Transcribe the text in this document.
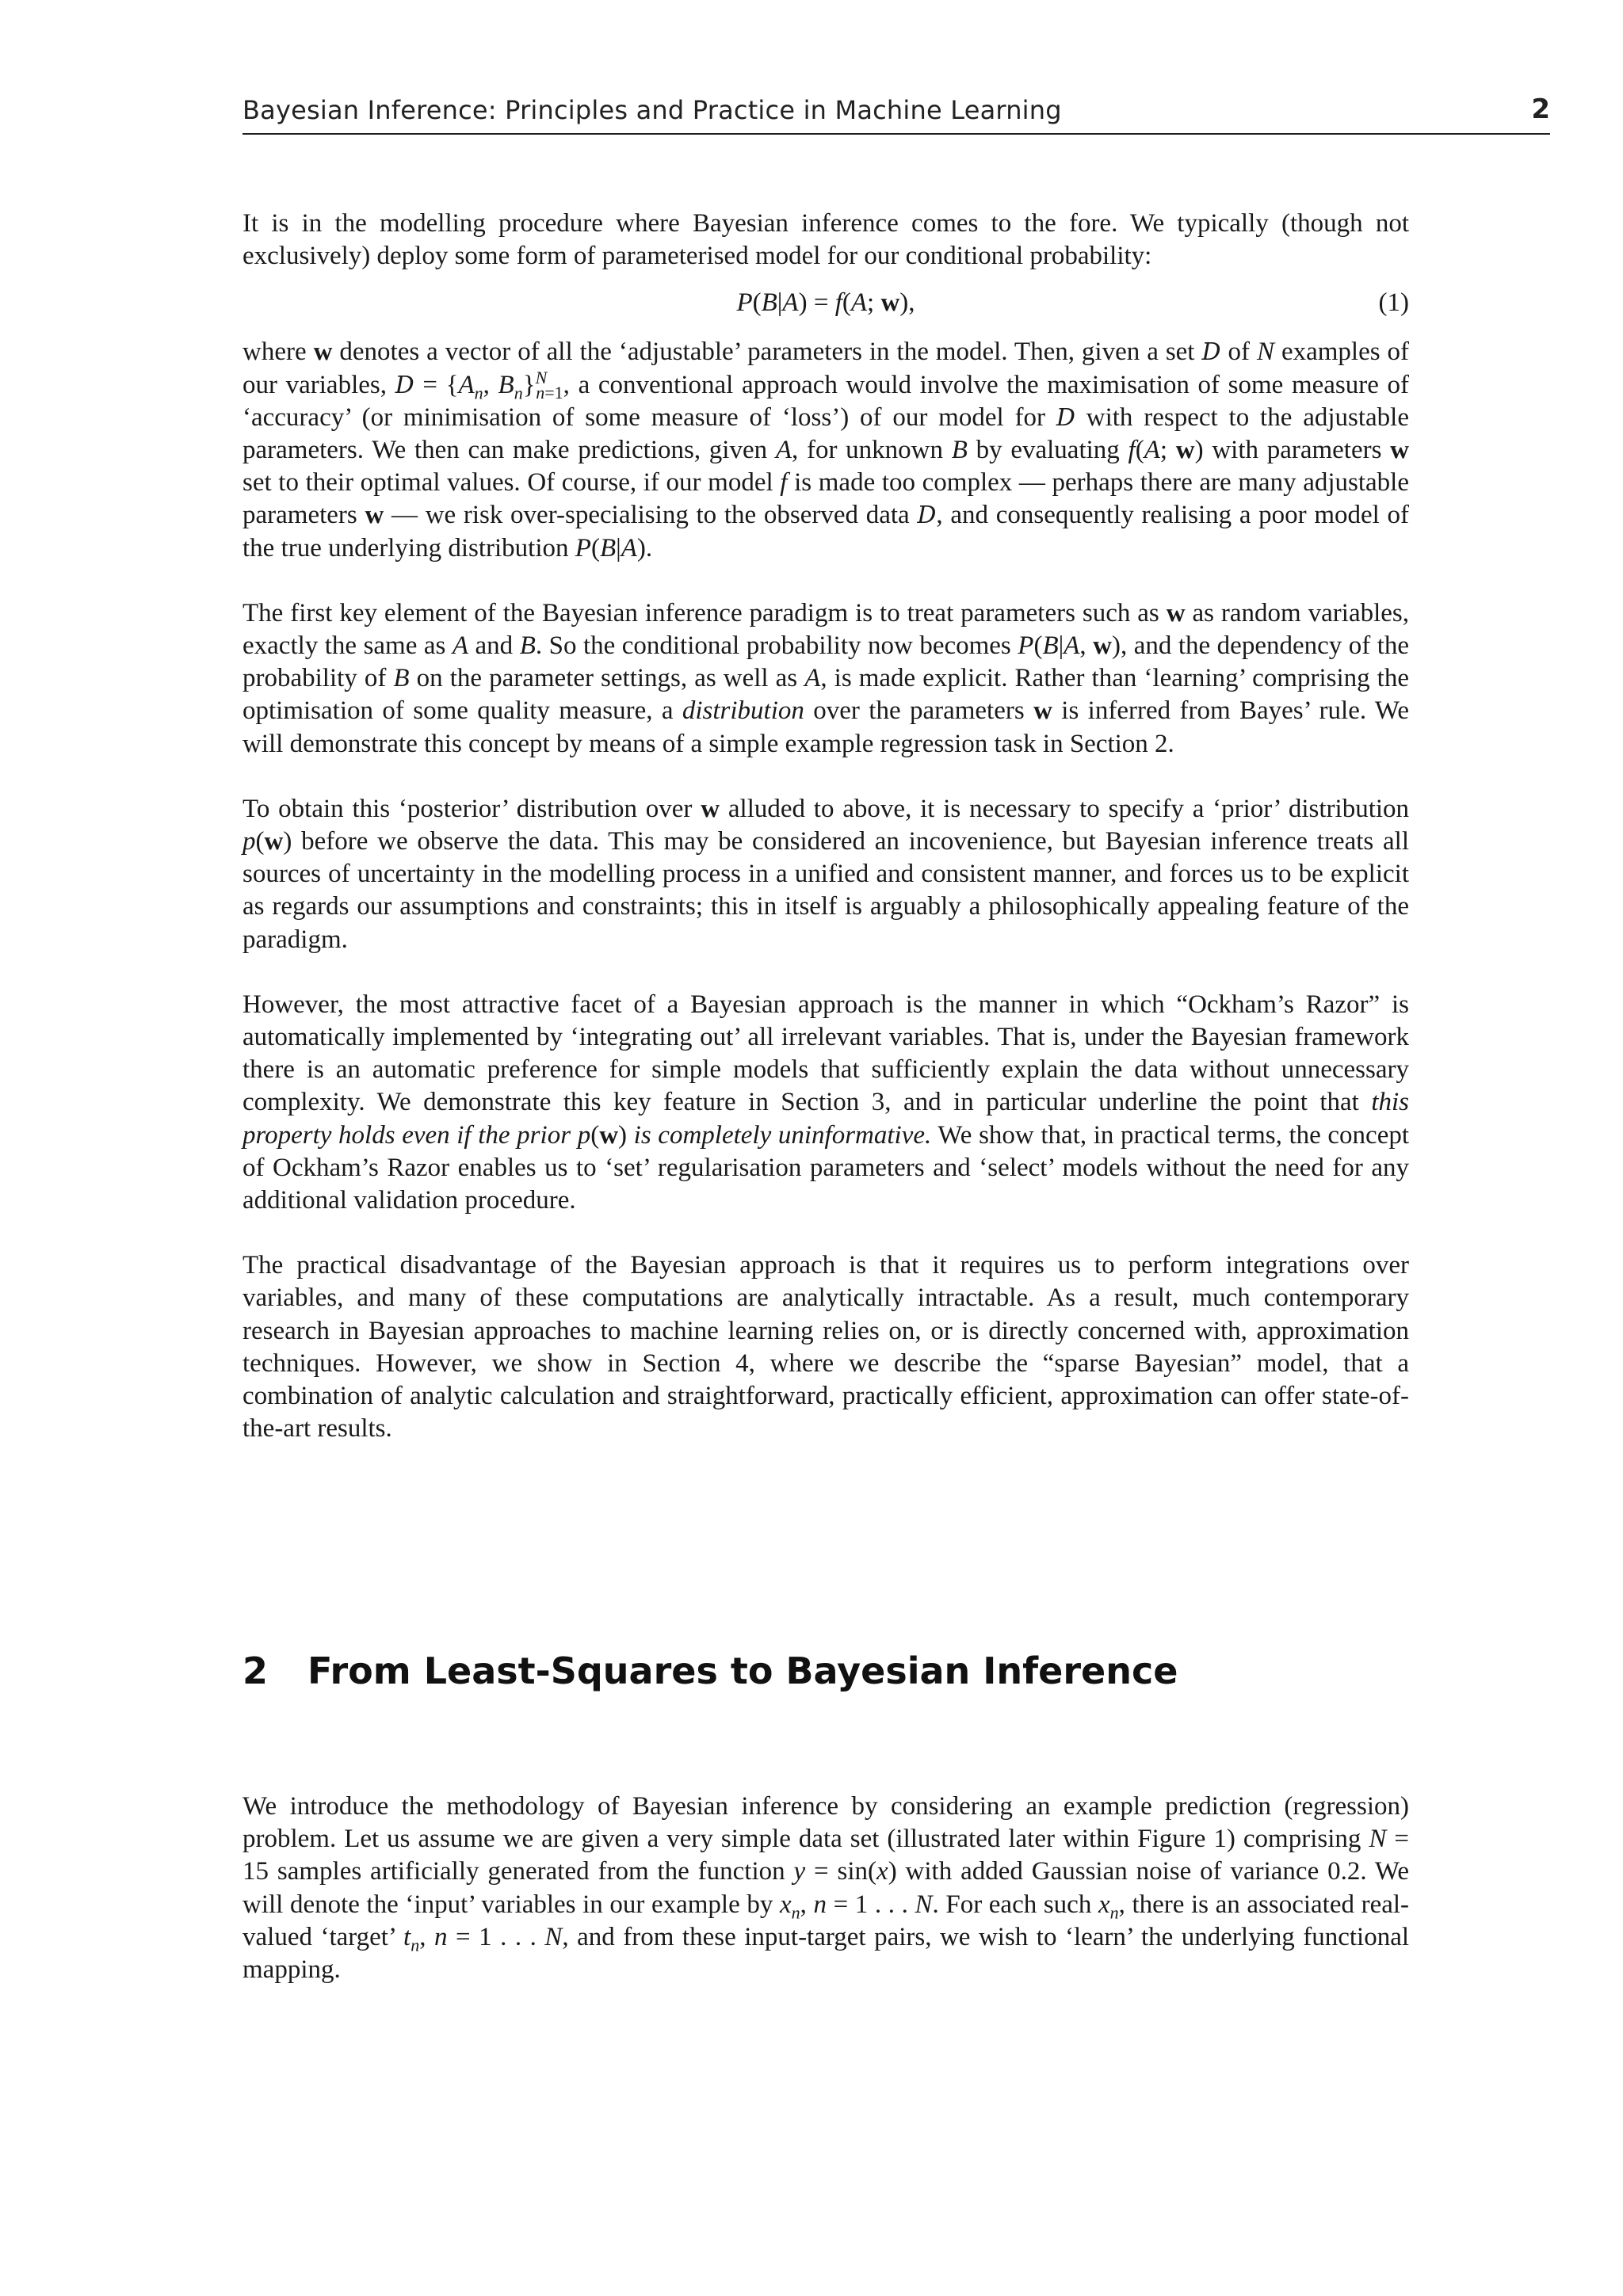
Bayesian Inference: Principles and Practice in Machine Learning	2

It is in the modelling procedure where Bayesian inference comes to the fore. We typically (though not exclusively) deploy some form of parameterised model for our conditional probability:

P(B|A) = f(A; w),	(1)

where w denotes a vector of all the ‘adjustable’ parameters in the model. Then, given a set D of N examples of our variables, $D = \{A_n$, $B_n\}^N_{n=1}$, a conventional approach would involve the maximisation of some measure of ‘accuracy’ (or minimisation of some measure of ‘loss’) of our model for D with respect to the adjustable parameters. We then can make predictions, given A, for unknown B by evaluating f(A; w) with parameters w set to their optimal values. Of course, if our model f is made too complex — perhaps there are many adjustable parameters w — we risk over-specialising to the observed data D, and consequently realising a poor model of the true underlying distribution P(B|A).

The first key element of the Bayesian inference paradigm is to treat parameters such as w as random variables, exactly the same as A and B. So the conditional probability now becomes P(B|A, w), and the dependency of the probability of B on the parameter settings, as well as A, is made explicit. Rather than ‘learning’ comprising the optimisation of some quality measure, a distribution over the parameters w is inferred from Bayes’ rule. We will demonstrate this concept by means of a simple example regression task in Section 2.

To obtain this ‘posterior’ distribution over w alluded to above, it is necessary to specify a ‘prior’ distribution p(w) before we observe the data. This may be considered an incovenience, but Bayesian inference treats all sources of uncertainty in the modelling process in a unified and consistent manner, and forces us to be explicit as regards our assumptions and constraints; this in itself is arguably a philosophically appealing feature of the paradigm.

However, the most attractive facet of a Bayesian approach is the manner in which “Ockham’s Razor” is automatically implemented by ‘integrating out’ all irrelevant variables. That is, under the Bayesian framework there is an automatic preference for simple models that sufficiently explain the data without unnecessary complexity. We demonstrate this key feature in Section 3, and in particular underline the point that this property holds even if the prior p(w) is completely uninformative. We show that, in practical terms, the concept of Ockham’s Razor enables us to ‘set’ regularisation parameters and ‘select’ models without the need for any additional validation procedure.

The practical disadvantage of the Bayesian approach is that it requires us to perform integrations over variables, and many of these computations are analytically intractable. As a result, much contemporary research in Bayesian approaches to machine learning relies on, or is directly concerned with, approximation techniques. However, we show in Section 4, where we describe the “sparse Bayesian” model, that a combination of analytic calculation and straightforward, practically efficient, approximation can offer state-of-the-art results.

2 From Least-Squares to Bayesian Inference

We introduce the methodology of Bayesian inference by considering an example prediction (regression) problem. Let us assume we are given a very simple data set (illustrated later within Figure 1) comprising N = 15 samples artificially generated from the function y = sin(x) with added Gaussian noise of variance 0.2. We will denote the ‘input’ variables in our example by $x_n$, n = 1 . . . N. For each such $x_n$, there is an associated real-valued ‘target’ $t_n$, n = 1 . . . N, and from these input-target pairs, we wish to ‘learn’ the underlying functional mapping.
